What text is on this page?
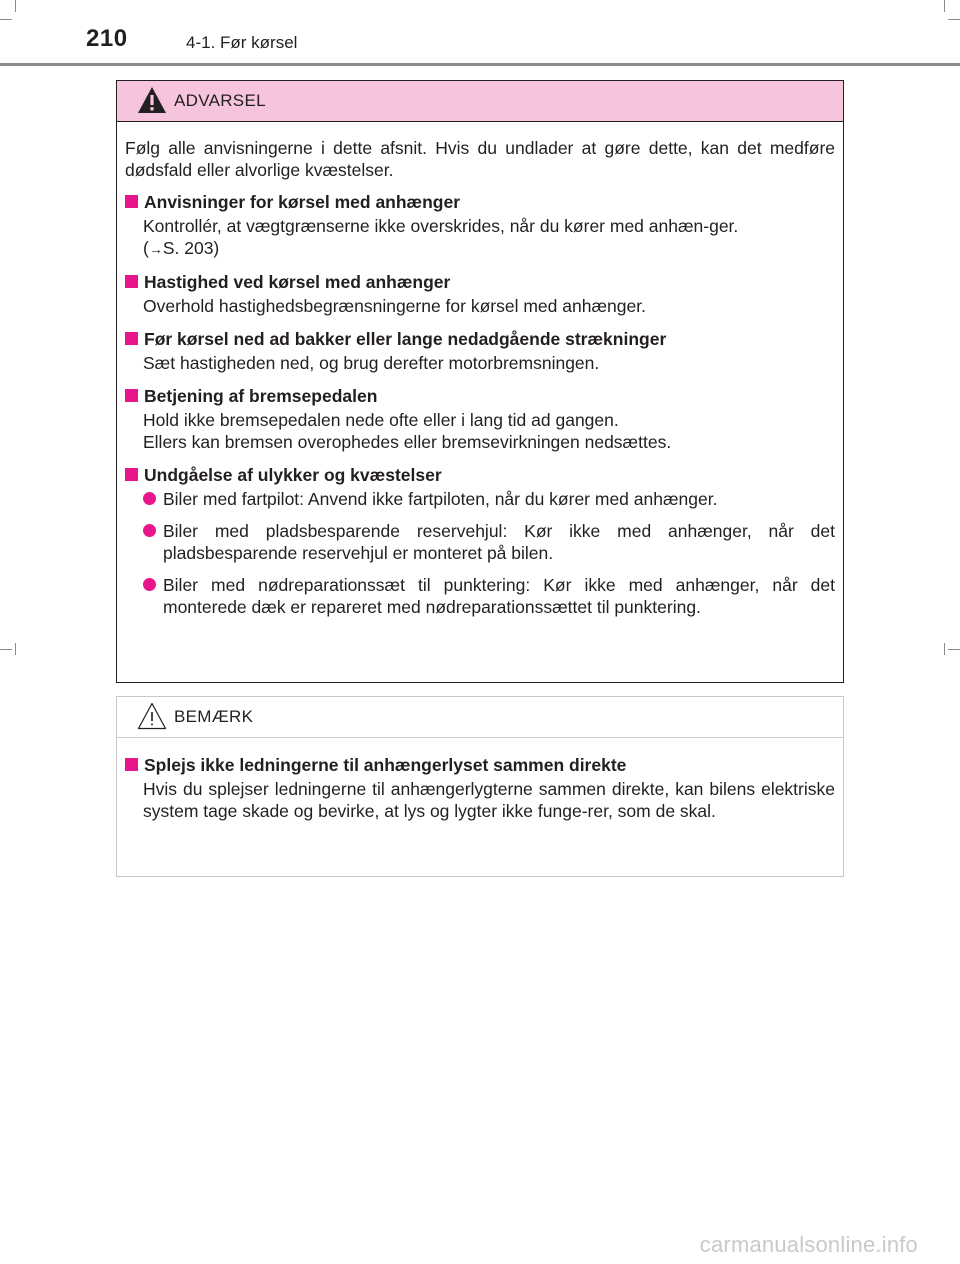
210	4-1. Før kørsel
ADVARSEL

Følg alle anvisningerne i dette afsnit. Hvis du undlader at gøre dette, kan det medføre dødsfald eller alvorlige kvæstelser.

Anvisninger for kørsel med anhænger
Kontrollér, at vægtgrænserne ikke overskrides, når du kører med anhæn-ger.
(→S. 203)
Hastighed ved kørsel med anhænger
Overhold hastighedsbegrænsningerne for kørsel med anhænger.
Før kørsel ned ad bakker eller lange nedadgående strækninger
Sæt hastigheden ned, og brug derefter motorbremsningen.
Betjening af bremsepedalen
Hold ikke bremsepedalen nede ofte eller i lang tid ad gangen.
Ellers kan bremsen overophedes eller bremsevirkningen nedsættes.
Undgåelse af ulykker og kvæstelser
Biler med fartpilot: Anvend ikke fartpiloten, når du kører med anhænger.
Biler med pladsbesparende reservehjul: Kør ikke med anhænger, når det pladsbesparende reservehjul er monteret på bilen.
Biler med nødreparationssæt til punktering: Kør ikke med anhænger, når det monterede dæk er repareret med nødreparationssættet til punktering.
BEMÆRK
Splejs ikke ledningerne til anhængerlyset sammen direkte
Hvis du splejser ledningerne til anhængerlygterne sammen direkte, kan bilens elektriske system tage skade og bevirke, at lys og lygter ikke funge-rer, som de skal.
carmanualsonline.info
